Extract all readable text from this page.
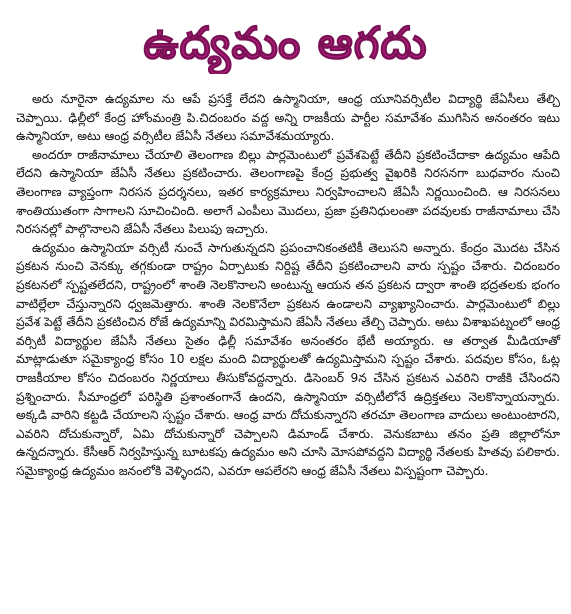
ఉద్యమం ఆగదు

అరు నూరైనా ఉద్యమాల ను ఆపే ప్రసక్తే లేదని ఉస్మానియా, ఆంధ్ర యూనివర్సిటీల విద్యార్థి జేఏసీలు తేల్చి చెప్పాయి. ఢిల్లీలో కేంద్ర హోంమంత్రి పి.చిదంబరం వద్ద అన్ని రాజకీయ పార్టీల సమావేశం ముగిసిన అనంతరం ఇటు ఉస్మానియా, అటు ఆంధ్ర వర్సిటీల జేఏసీ నేతలు సమావేశమయ్యారు.

అందరూ రాజీనామాలు చేయాలి తెలంగాణ బిల్లు పార్లమెంటులో ప్రవేశపెట్టే తేదీని ప్రకటించేదాకా ఉద్యమం ఆపేది లేదని ఉస్మానియా జేఏసీ నేతలు ప్రకటించారు. తెలంగాణపై కేంద్ర ప్రభుత్వ వైఖరికి నిరసనగా బుధవారం నుంచి తెలంగాణ వ్యాప్తంగా నిరసన ప్రదర్శనలు, ఇతర కార్యక్రమాలు నిర్వహించాలని జేఏసీ నిర్ణయించింది. ఆ నిరసనలు శాంతియుతంగా సాగాలని సూచించింది. అలాగే ఎంపీలు మొదలు, ప్రజా ప్రతినిధులంతా పదవులకు రాజీనామాలు చేసి నిరసనల్లో పాల్గొనాలని జేఏసీ నేతలు పిలుపు ఇచ్చారు.

ఉద్యమం ఉస్మానియా వర్సిటీ నుంచే సాగుతున్నదని ప్రపంచానికంతటికీ తెలుసని అన్నారు. కేంద్రం మొదట చేసిన ప్రకటన నుంచి వెనక్కు తగ్గకుండా రాష్ట్రం ఏర్పాటుకు నిర్దిష్ట తేదీని ప్రకటించాలని వారు స్పష్టం చేశారు. చిదంబరం ప్రకటనలో స్పష్టతలేదని, రాష్ట్రంలో శాంతి నెలకొనాలని అంటున్న ఆయన తన ప్రకటన ద్వారా శాంతి భద్రతలకు భంగం వాటిల్లేలా చేస్తున్నారని ధ్వజమెత్తారు. శాంతి నెలకొనేలా ప్రకటన ఉండాలని వ్యాఖ్యానించారు. పార్లమెంటులో బిల్లు ప్రవేశ పెట్టే తేదీని ప్రకటించిన రోజే ఉద్యమాన్ని విరమిస్తామని జేఏసీ నేతలు తేల్చి చెప్పారు. అటు విశాఖపట్నంలో ఆంధ్ర వర్సిటీ విద్యార్థుల జేఏసీ నేతలు సైతం ఢిల్లీ సమావేశం అనంతరం భేటీ అయ్యారు. ఆ తర్వాత మీడియాతో మాట్లాడుతూ సమైక్యాంధ్ర కోసం 10 లక్షల మంది విద్యార్థులతో ఉద్యమిస్తామని స్పష్టం చేశారు. పదవుల కోసం, ఓట్ల రాజకీయాల కోసం చిదంబరం నిర్ణయాలు తీసుకోవద్దన్నారు. డిసెంబర్ 9న చేసిన ప్రకటన ఎవరిని రాజీకి చేసిందని ప్రశ్నించారు. సీమాంధ్రలో పరిస్థితి ప్రశాంతంగానే ఉందని, ఉస్మానియా వర్సిటీలోనే ఉద్రిక్తతలు నెలకొన్నాయన్నారు. అక్కడి వారిని కట్టడి చేయాలని స్పష్టం చేశారు. ఆంధ్ర వారు దోచుకున్నారని తరచూ తెలంగాణ వాదులు అంటుంటారని, ఎవరిని దోచుకున్నారో, ఏమి దోచుకున్నారో చెప్పాలని డిమాండ్ చేశారు. వెనుకబాటు తనం ప్రతి జిల్లాలోనూ ఉన్నదన్నారు. కేసీఆర్ నిర్వహిస్తున్న బూటకపు ఉద్యమం అని చూసి మోసపోవద్దని విద్యార్థి నేతలకు హితవు పలికారు. సమైక్యాంధ్ర ఉద్యమం జనంలోకి వెళ్ళిందని, ఎవరూ ఆపలేరని ఆంధ్ర జేఏసీ నేతలు విస్పష్టంగా చెప్పారు.
